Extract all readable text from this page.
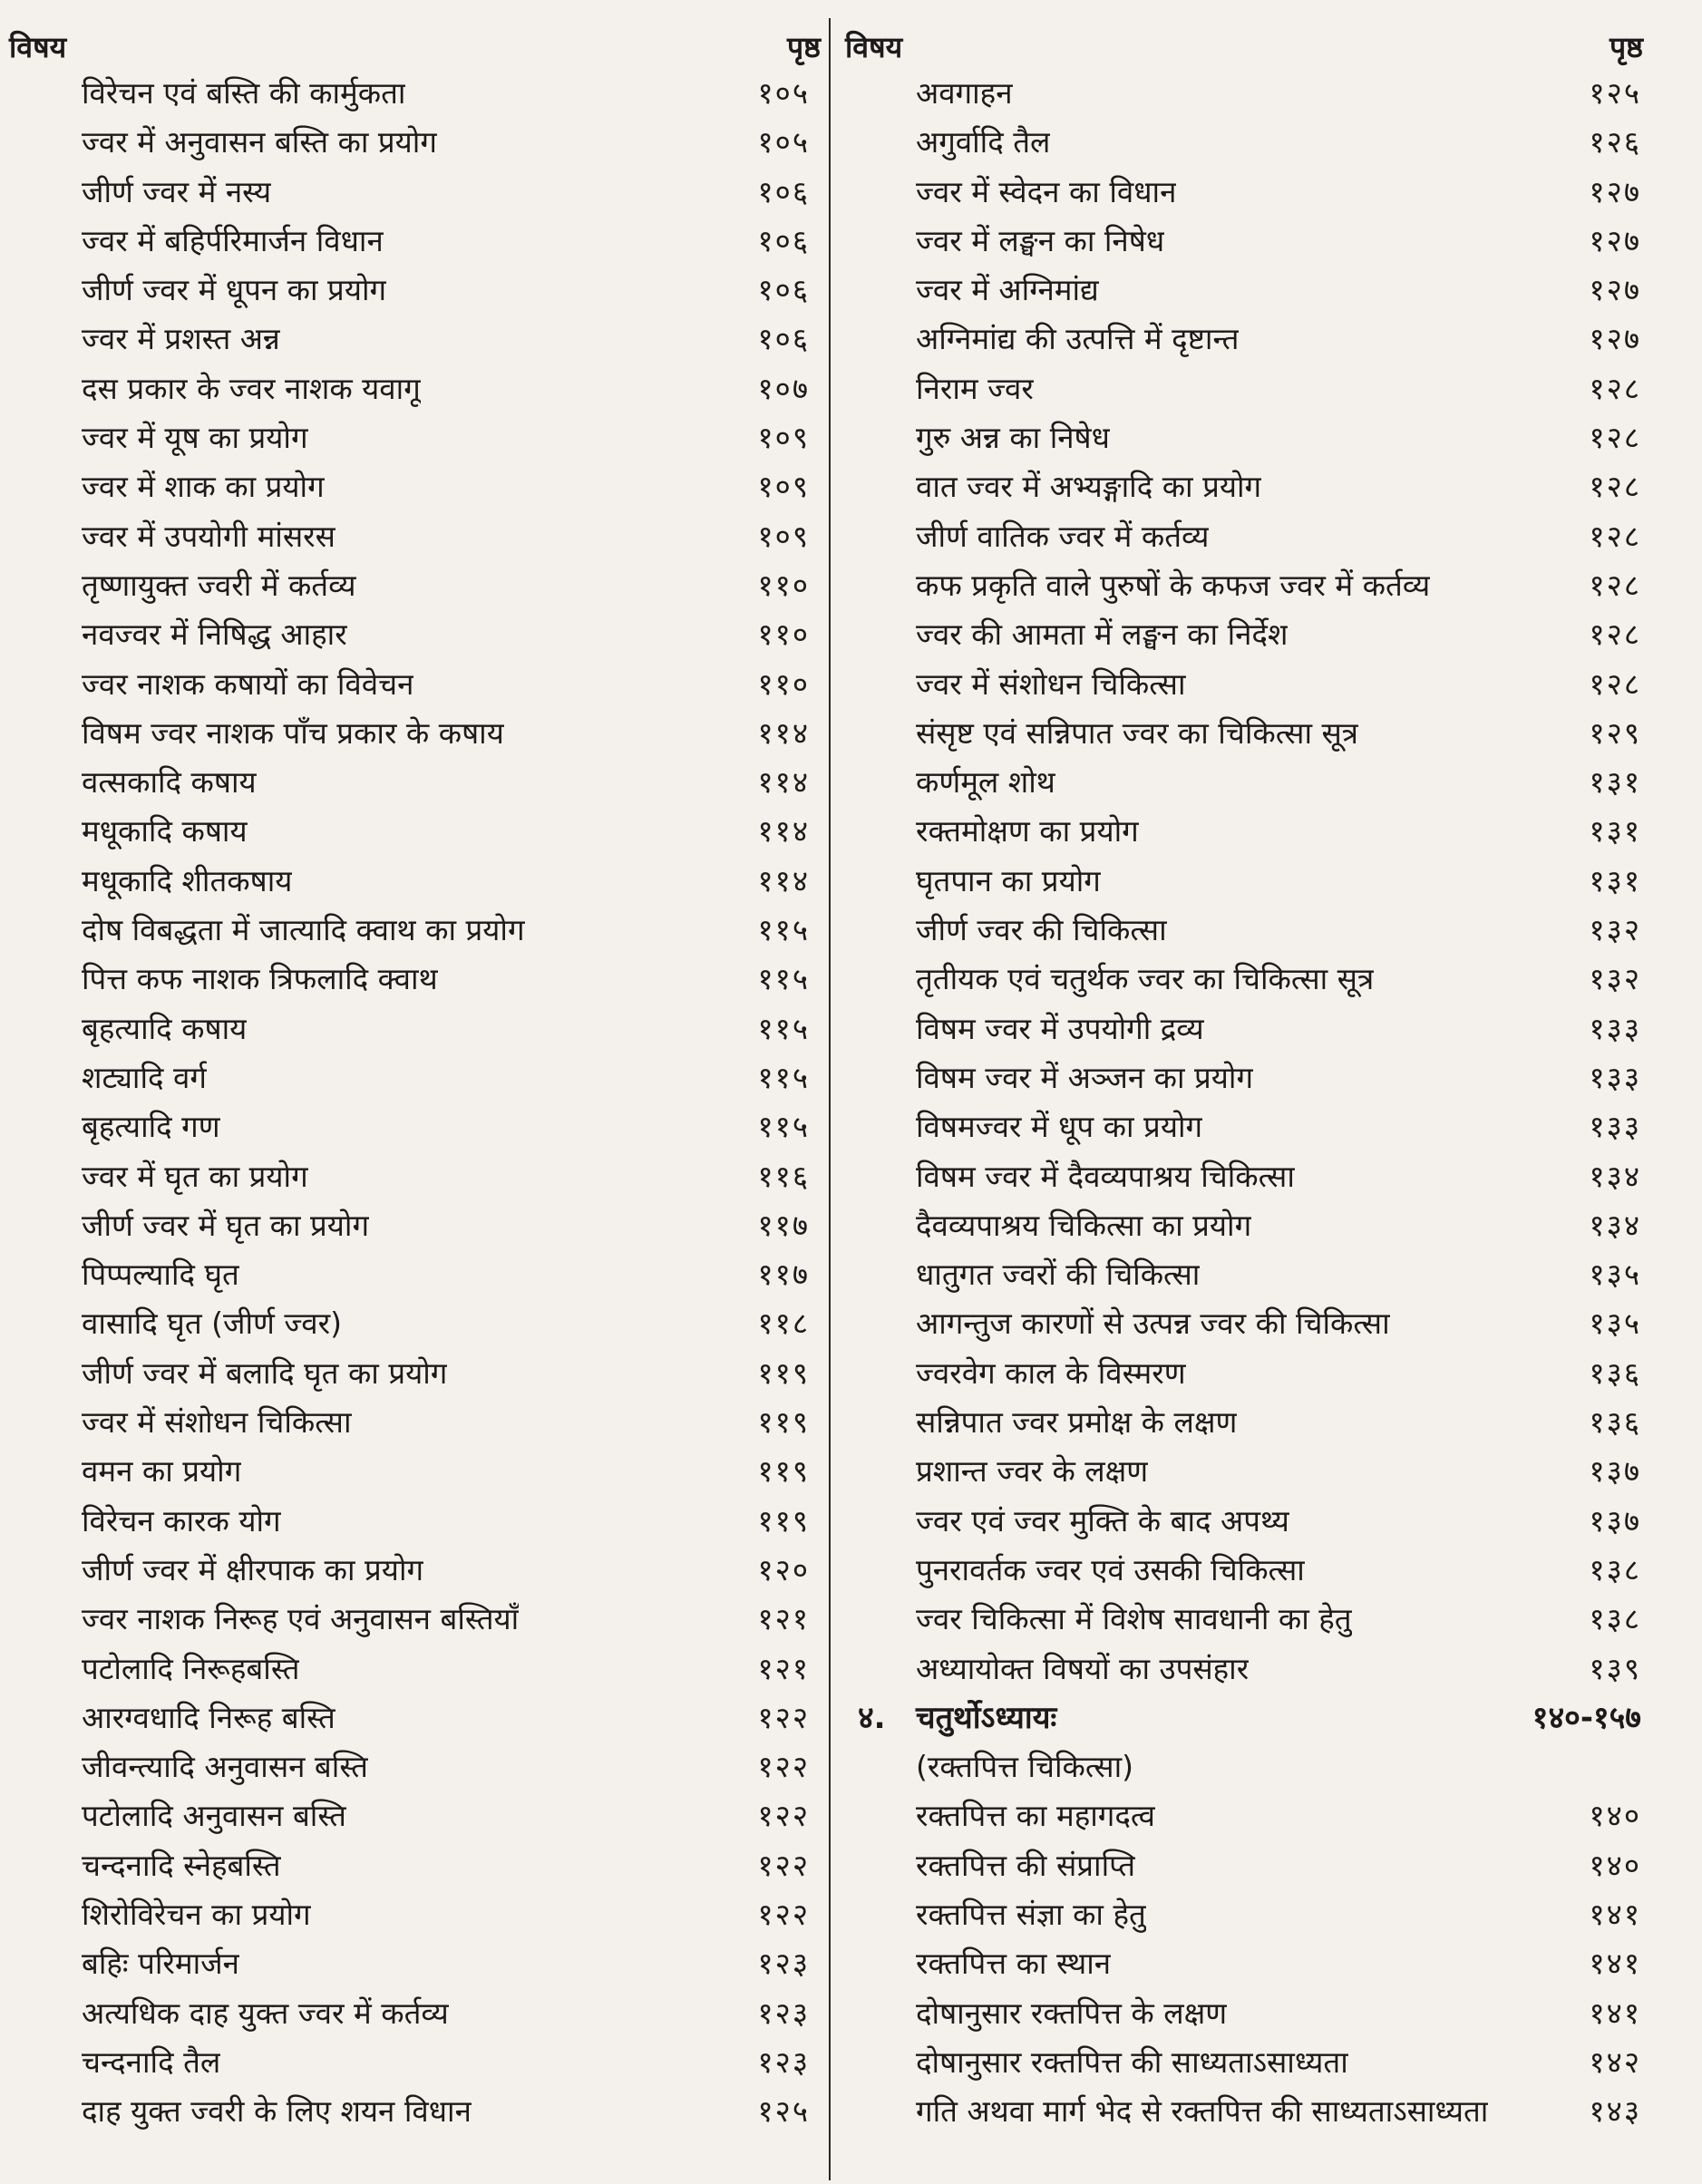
विषय	पृष्ठ
विरेचन एवं बस्ति की कार्मुकता	१०५
ज्वर में अनुवासन बस्ति का प्रयोग	१०५
जीर्ण ज्वर में नस्य	१०६
ज्वर में बहिर्परिमार्जन विधान	१०६
जीर्ण ज्वर में धूपन का प्रयोग	१०६
ज्वर में प्रशस्त अन्न	१०६
दस प्रकार के ज्वर नाशक यवागू	१०७
ज्वर में यूष का प्रयोग	१०९
ज्वर में शाक का प्रयोग	१०९
ज्वर में उपयोगी मांसरस	१०९
तृष्णायुक्त ज्वरी में कर्तव्य	११०
नवज्वर में निषिद्ध आहार	११०
ज्वर नाशक कषायों का विवेचन	११०
विषम ज्वर नाशक पाँच प्रकार के कषाय	११४
वत्सकादि कषाय	११४
मधूकादि कषाय	११४
मधूकादि शीतकषाय	११४
दोष विबद्धता में जात्यादि क्वाथ का प्रयोग	११५
पित्त कफ नाशक त्रिफलादि क्वाथ	११५
बृहत्यादि कषाय	११५
शट्यादि वर्ग	११५
बृहत्यादि गण	११५
ज्वर में घृत का प्रयोग	११६
जीर्ण ज्वर में घृत का प्रयोग	११७
पिप्पल्यादि घृत	११७
वासादि घृत (जीर्ण ज्वर)	११८
जीर्ण ज्वर में बलादि घृत का प्रयोग	११९
ज्वर में संशोधन चिकित्सा	११९
वमन का प्रयोग	११९
विरेचन कारक योग	११९
जीर्ण ज्वर में क्षीरपाक का प्रयोग	१२०
ज्वर नाशक निरूह एवं अनुवासन बस्तियाँ	१२१
पटोलादि निरूहबस्ति	१२१
आरग्वधादि निरूह बस्ति	१२२
जीवन्त्यादि अनुवासन बस्ति	१२२
पटोलादि अनुवासन बस्ति	१२२
चन्दनादि स्नेहबस्ति	१२२
शिरोविरेचन का प्रयोग	१२२
बहिः परिमार्जन	१२३
अत्यधिक दाह युक्त ज्वर में कर्तव्य	१२३
चन्दनादि तैल	१२३
दाह युक्त ज्वरी के लिए शयन विधान	१२५
विषय	पृष्ठ
अवगाहन	१२५
अगुर्वादि तैल	१२६
ज्वर में स्वेदन का विधान	१२७
ज्वर में लङ्घन का निषेध	१२७
ज्वर में अग्निमांद्य	१२७
अग्निमांद्य की उत्पत्ति में दृष्टान्त	१२७
निराम ज्वर	१२८
गुरु अन्न का निषेध	१२८
वात ज्वर में अभ्यङ्गादि का प्रयोग	१२८
जीर्ण वातिक ज्वर में कर्तव्य	१२८
कफ प्रकृति वाले पुरुषों के कफज ज्वर में कर्तव्य	१२८
ज्वर की आमता में लङ्घन का निर्देश	१२८
ज्वर में संशोधन चिकित्सा	१२८
संसृष्ट एवं सन्निपात ज्वर का चिकित्सा सूत्र	१२९
कर्णमूल शोथ	१३१
रक्तमोक्षण का प्रयोग	१३१
घृतपान का प्रयोग	१३१
जीर्ण ज्वर की चिकित्सा	१३२
तृतीयक एवं चतुर्थक ज्वर का चिकित्सा सूत्र	१३२
विषम ज्वर में उपयोगी द्रव्य	१३३
विषम ज्वर में अञ्जन का प्रयोग	१३३
विषमज्वर में धूप का प्रयोग	१३३
विषम ज्वर में दैवव्यपाश्रय चिकित्सा	१३४
दैवव्यपाश्रय चिकित्सा का प्रयोग	१३४
धातुगत ज्वरों की चिकित्सा	१३५
आगन्तुज कारणों से उत्पन्न ज्वर की चिकित्सा	१३५
ज्वरवेग काल के विस्मरण	१३६
सन्निपात ज्वर प्रमोक्ष के लक्षण	१३६
प्रशान्त ज्वर के लक्षण	१३७
ज्वर एवं ज्वर मुक्ति के बाद अपथ्य	१३७
पुनरावर्तक ज्वर एवं उसकी चिकित्सा	१३८
ज्वर चिकित्सा में विशेष सावधानी का हेतु	१३८
अध्यायोक्त विषयों का उपसंहार	१३९
४. चतुर्थोऽध्यायः	१४०-१५७
(रक्तपित्त चिकित्सा)
रक्तपित्त का महागदत्व	१४०
रक्तपित्त की संप्राप्ति	१४०
रक्तपित्त संज्ञा का हेतु	१४१
रक्तपित्त का स्थान	१४१
दोषानुसार रक्तपित्त के लक्षण	१४१
दोषानुसार रक्तपित्त की साध्यताऽसाध्यता	१४२
गति अथवा मार्ग भेद से रक्तपित्त की साध्यताऽसाध्यता	१४३
